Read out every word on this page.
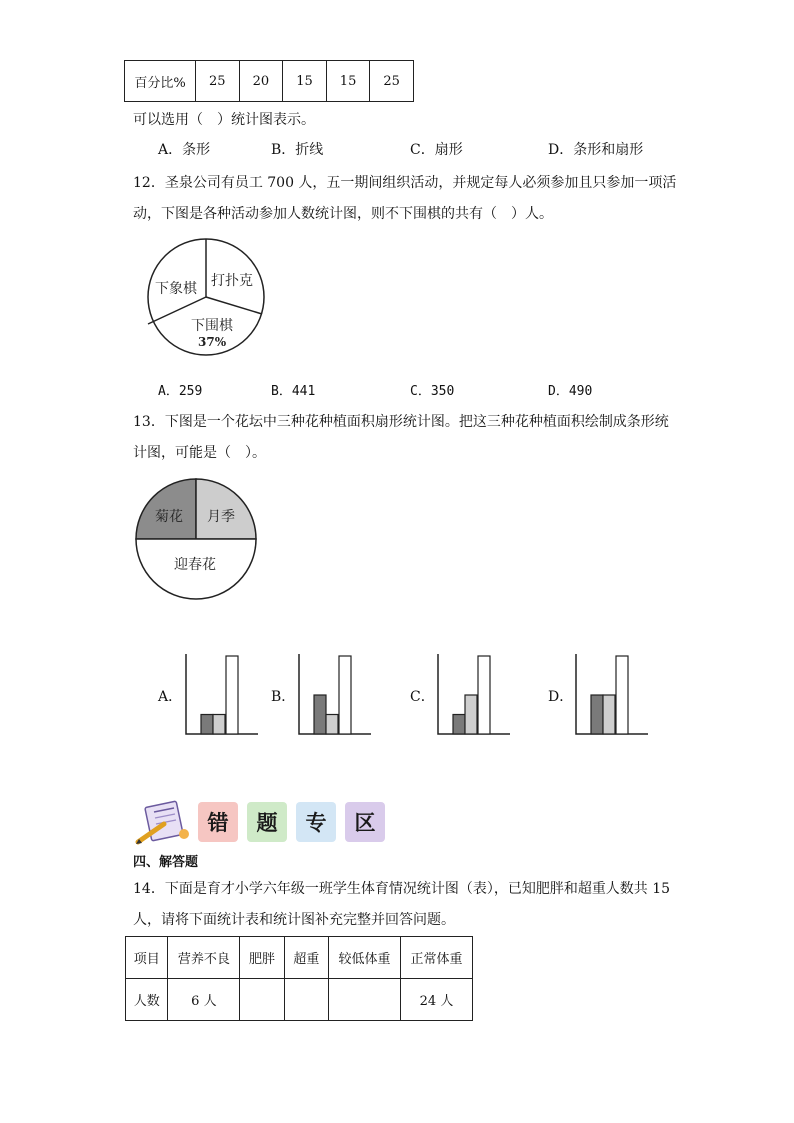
百分比%	25	20	15	15	25
可以选用（　）统计图表示。
A．条形	B．折线	C．扇形	D．条形和扇形
12．圣泉公司有员工 700 人，五一期间组织活动，并规定每人必须参加且只参加一项活
动，下图是各种活动参加人数统计图，则不下围棋的共有（　）人。
下象棋 打扑克
下围棋
37%
A．259	B．441	C．350	D．490
13．下图是一个花坛中三种花种植面积扇形统计图。把这三种花种植面积绘制成条形统
计图，可能是（　）。
菊花 月季
迎春花
A．	B．	C．	D．
错	题	专	区
四、解答题
14．下面是育才小学六年级一班学生体育情况统计图（表），已知肥胖和超重人数共 15
人，请将下面统计表和统计图补充完整并回答问题。
项目	营养不良	肥胖	超重	较低体重	正常体重
人数	6 人				24 人
